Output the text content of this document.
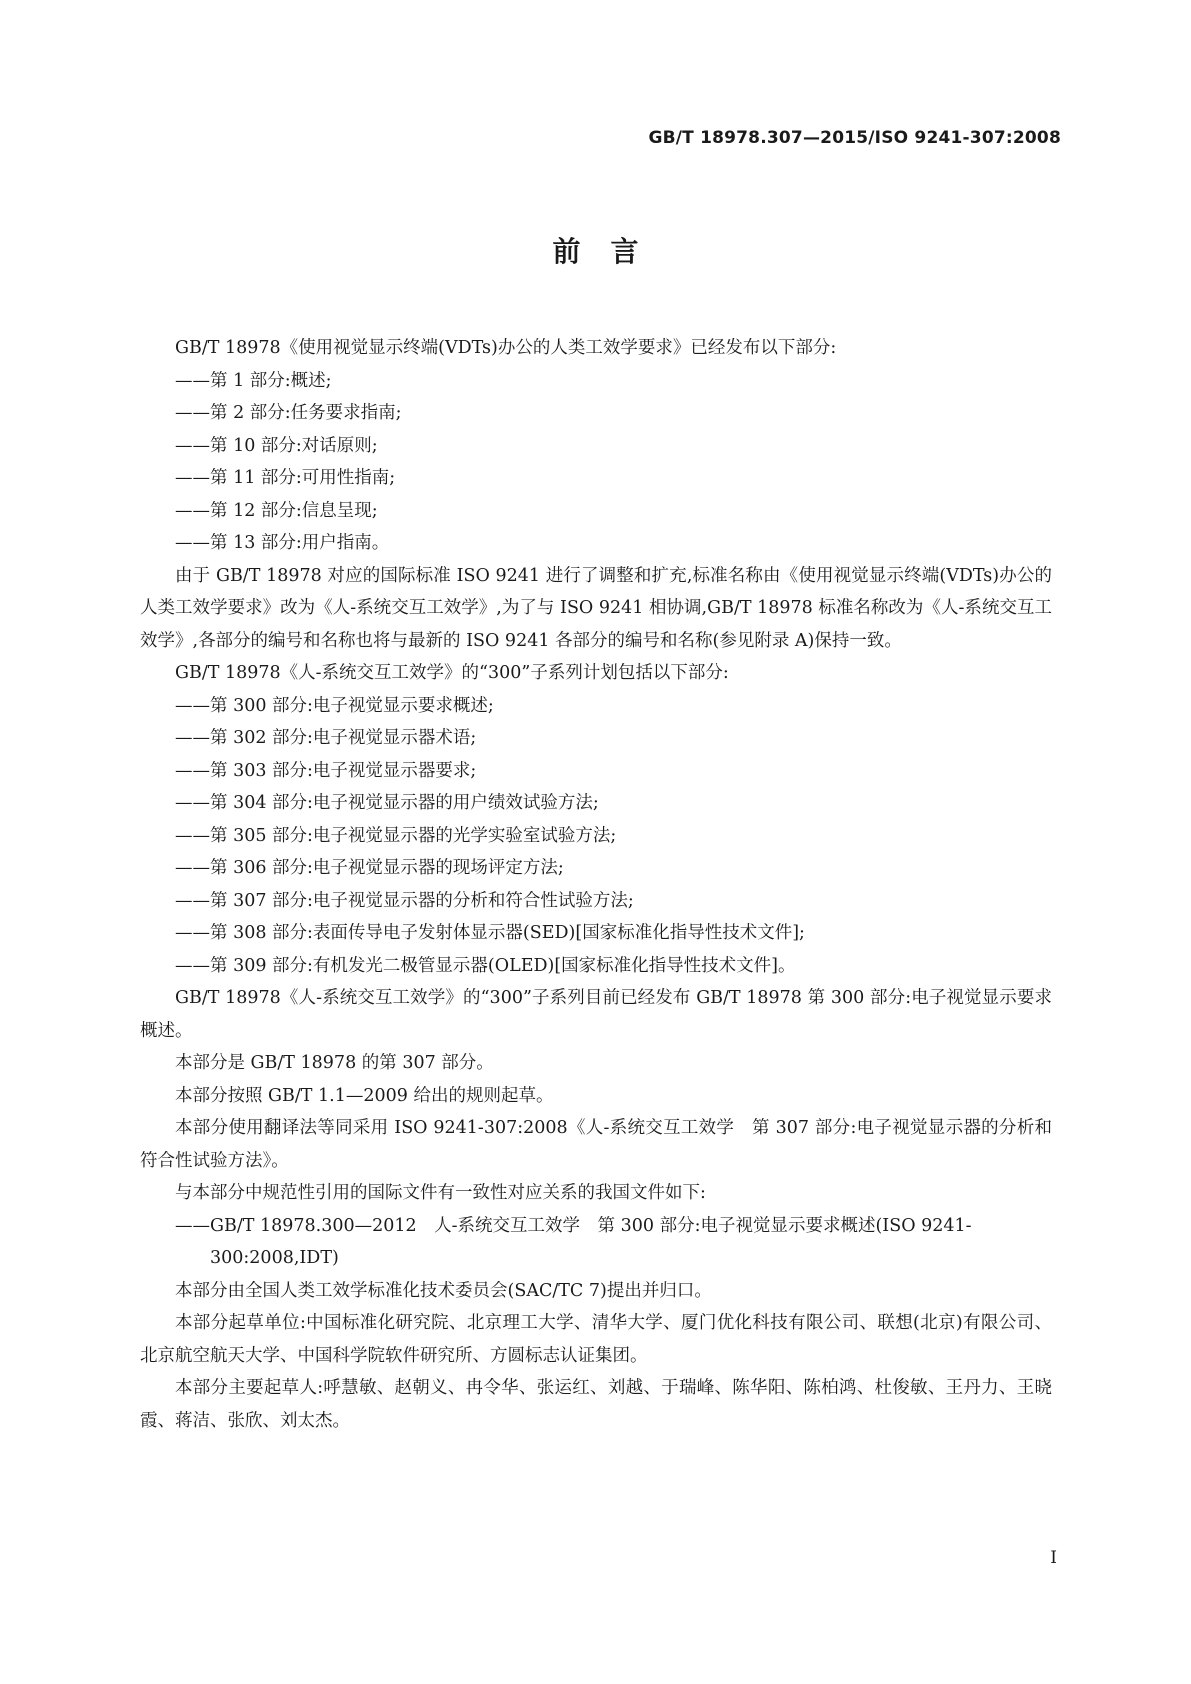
GB/T 18978.307—2015/ISO 9241-307:2008
前言

GB/T 18978《使用视觉显示终端(VDTs)办公的人类工效学要求》已经发布以下部分:

——第 1 部分:概述;

——第 2 部分:任务要求指南;

——第 10 部分:对话原则;

——第 11 部分:可用性指南;

——第 12 部分:信息呈现;

——第 13 部分:用户指南。

由于 GB/T 18978 对应的国际标准 ISO 9241 进行了调整和扩充,标准名称由《使用视觉显示终端(VDTs)办公的人类工效学要求》改为《人-系统交互工效学》,为了与 ISO 9241 相协调,GB/T 18978 标准名称改为《人-系统交互工效学》,各部分的编号和名称也将与最新的 ISO 9241 各部分的编号和名称(参见附录 A)保持一致。

GB/T 18978《人-系统交互工效学》的“300”子系列计划包括以下部分:

——第 300 部分:电子视觉显示要求概述;

——第 302 部分:电子视觉显示器术语;

——第 303 部分:电子视觉显示器要求;

——第 304 部分:电子视觉显示器的用户绩效试验方法;

——第 305 部分:电子视觉显示器的光学实验室试验方法;

——第 306 部分:电子视觉显示器的现场评定方法;

——第 307 部分:电子视觉显示器的分析和符合性试验方法;

——第 308 部分:表面传导电子发射体显示器(SED)[国家标准化指导性技术文件];

——第 309 部分:有机发光二极管显示器(OLED)[国家标准化指导性技术文件]。

GB/T 18978《人-系统交互工效学》的“300”子系列目前已经发布 GB/T 18978 第 300 部分:电子视觉显示要求概述。

本部分是 GB/T 18978 的第 307 部分。

本部分按照 GB/T 1.1—2009 给出的规则起草。

本部分使用翻译法等同采用 ISO 9241-307:2008《人-系统交互工效学　第 307 部分:电子视觉显示器的分析和符合性试验方法》。

与本部分中规范性引用的国际文件有一致性对应关系的我国文件如下:

——GB/T 18978.300—2012　人-系统交互工效学　第 300 部分:电子视觉显示要求概述(ISO 9241-
300:2008,IDT)

本部分由全国人类工效学标准化技术委员会(SAC/TC 7)提出并归口。

本部分起草单位:中国标准化研究院、北京理工大学、清华大学、厦门优化科技有限公司、联想(北京)有限公司、北京航空航天大学、中国科学院软件研究所、方圆标志认证集团。

本部分主要起草人:呼慧敏、赵朝义、冉令华、张运红、刘越、于瑞峰、陈华阳、陈柏鸿、杜俊敏、王丹力、王晓霞、蒋洁、张欣、刘太杰。

I
